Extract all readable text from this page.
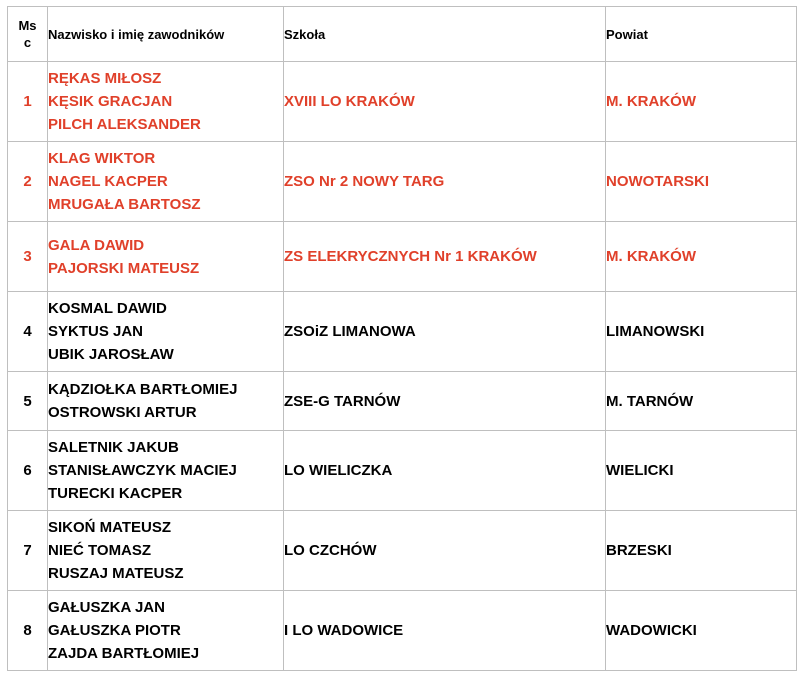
Ms
c	Nazwisko i imię zawodników	Szkoła	Powiat
1	RĘKAS MIŁOSZ
KĘSIK GRACJAN
PILCH ALEKSANDER	XVIII LO KRAKÓW	M. KRAKÓW
2	KLAG WIKTOR
NAGEL KACPER
MRUGAŁA BARTOSZ	ZSO Nr 2 NOWY TARG	NOWOTARSKI
3	GALA DAWID
PAJORSKI MATEUSZ	ZS ELEKRYCZNYCH Nr 1 KRAKÓW	M. KRAKÓW
4	KOSMAL DAWID
SYKTUS JAN
UBIK JAROSŁAW	ZSOiZ LIMANOWA	LIMANOWSKI
5	KĄDZIOŁKA BARTŁOMIEJ
OSTROWSKI ARTUR	ZSE-G TARNÓW	M. TARNÓW
6	SALETNIK JAKUB
STANISŁAWCZYK MACIEJ
TURECKI KACPER	LO WIELICZKA	WIELICKI
7	SIKOŃ MATEUSZ
NIEĆ TOMASZ
RUSZAJ MATEUSZ	LO CZCHÓW	BRZESKI
8	GAŁUSZKA JAN
GAŁUSZKA PIOTR
ZAJDA BARTŁOMIEJ	I LO WADOWICE	WADOWICKI
